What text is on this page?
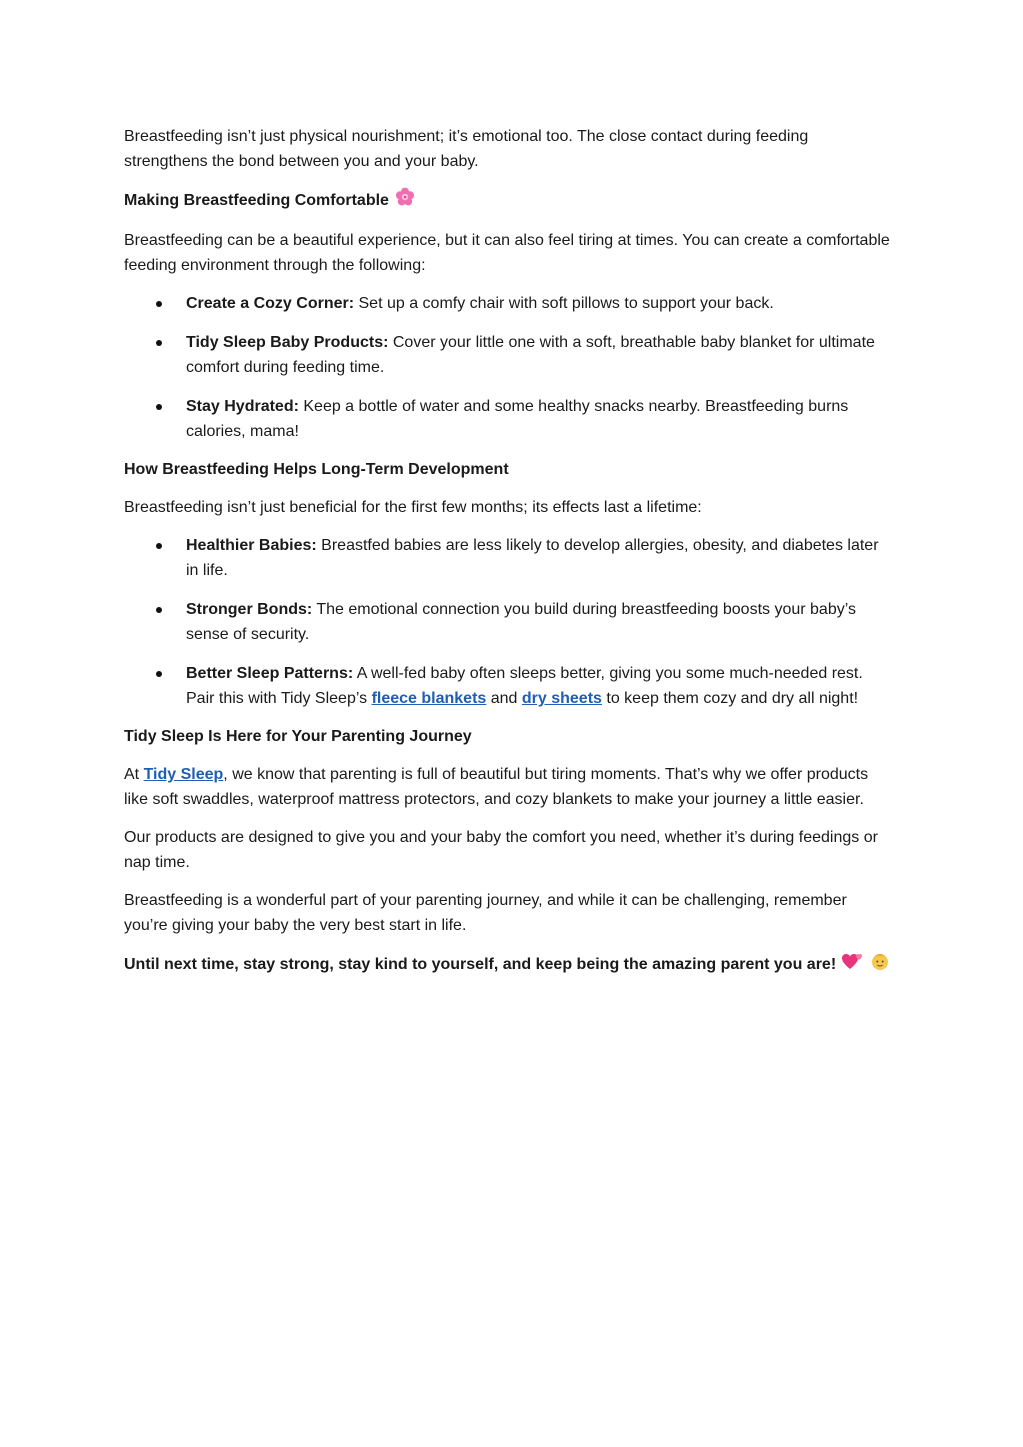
Breastfeeding isn’t just physical nourishment; it’s emotional too. The close contact during feeding strengthens the bond between you and your baby.

Making Breastfeeding Comfortable

Breastfeeding can be a beautiful experience, but it can also feel tiring at times. You can create a comfortable feeding environment through the following:

Create a Cozy Corner: Set up a comfy chair with soft pillows to support your back.
Tidy Sleep Baby Products: Cover your little one with a soft, breathable baby blanket for ultimate comfort during feeding time.
Stay Hydrated: Keep a bottle of water and some healthy snacks nearby. Breastfeeding burns calories, mama!
How Breastfeeding Helps Long-Term Development

Breastfeeding isn’t just beneficial for the first few months; its effects last a lifetime:

Healthier Babies: Breastfed babies are less likely to develop allergies, obesity, and diabetes later in life.
Stronger Bonds: The emotional connection you build during breastfeeding boosts your baby’s sense of security.
Better Sleep Patterns: A well-fed baby often sleeps better, giving you some much-needed rest. Pair this with Tidy Sleep’s fleece blankets and dry sheets to keep them cozy and dry all night!
Tidy Sleep Is Here for Your Parenting Journey

At Tidy Sleep, we know that parenting is full of beautiful but tiring moments. That’s why we offer products like soft swaddles, waterproof mattress protectors, and cozy blankets to make your journey a little easier.

Our products are designed to give you and your baby the comfort you need, whether it’s during feedings or nap time.

Breastfeeding is a wonderful part of your parenting journey, and while it can be challenging, remember you’re giving your baby the very best start in life.

Until next time, stay strong, stay kind to yourself, and keep being the amazing parent you are!
